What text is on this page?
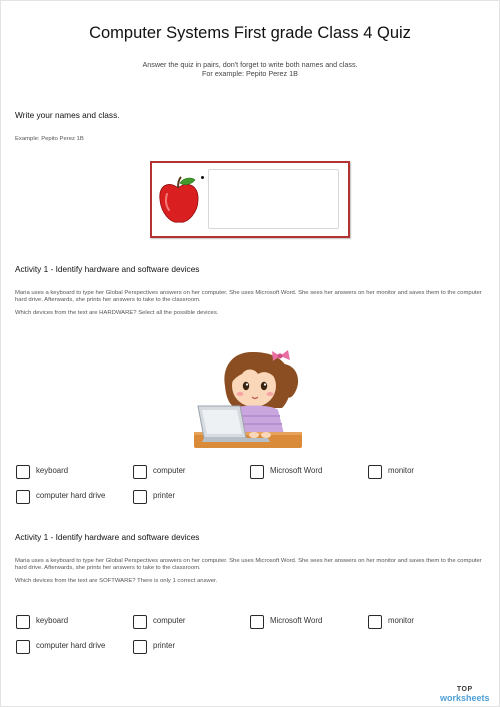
Computer Systems First grade Class 4 Quiz
Answer the quiz in pairs, don't forget to write both names and class.
For example: Pepito Perez 1B
Write your names and class.
Example: Pepito Perez 1B
Activity 1 - Identify hardware and software devices
Maria uses a keyboard to type her Global Perspectives answers on her computer. She uses Microsoft Word. She sees her answers on her monitor and saves them to the computer hard drive. Afterwards, she prints her answers to take to the classroom.
Which devices from the text are HARDWARE? Select all the possible devices.
keyboard	computer	Microsoft Word	monitor
computer hard drive	printer
Activity 1 - Identify hardware and software devices
Maria uses a keyboard to type her Global Perspectives answers on her computer. She uses Microsoft Word. She sees her answers on her monitor and saves them to the computer hard drive. Afterwards, she prints her answers to take to the classroom.
Which devices from the text are SOFTWARE? There is only 1 correct answer.
keyboard	computer	Microsoft Word	monitor
computer hard drive	printer
TOP
worksheets
